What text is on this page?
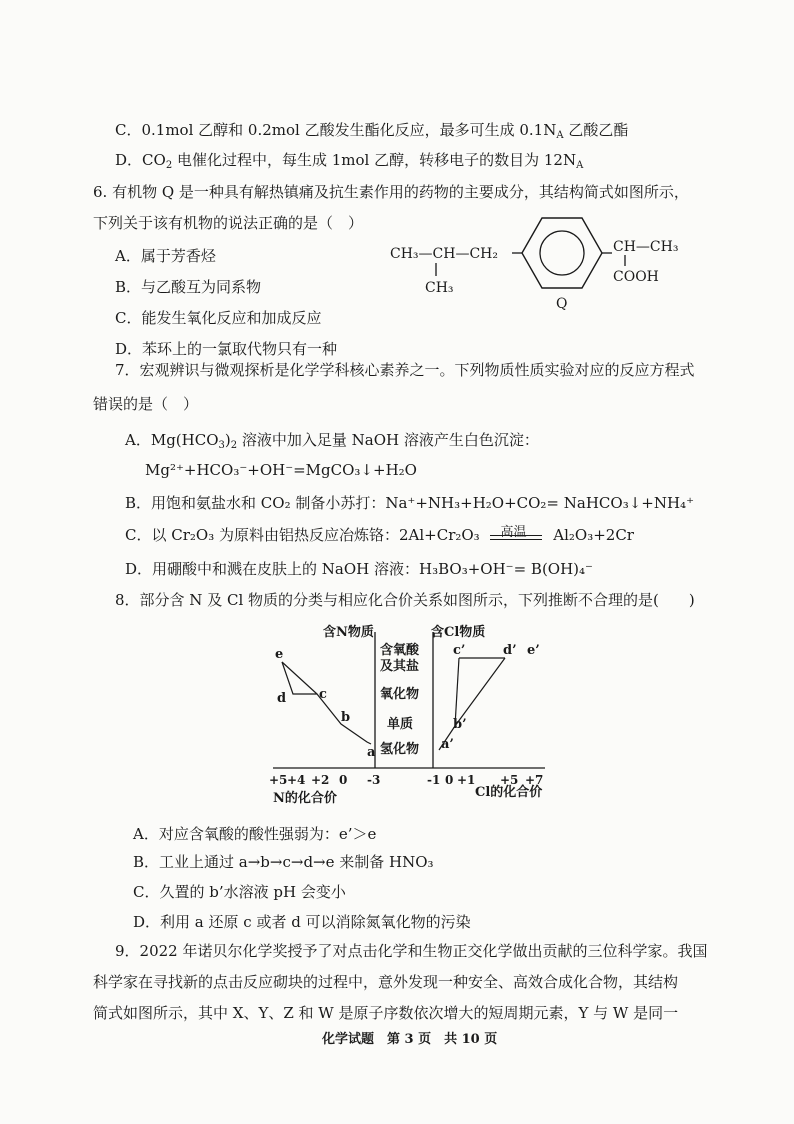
C．0.1mol 乙醇和 0.2mol 乙酸发生酯化反应，最多可生成 $0.1N_A$ 乙酸乙酯
D．$CO_2$ 电催化过程中，每生成 1mol 乙醇，转移电子的数目为 $12N_A$
6. 有机物 Q 是一种具有解热镇痛及抗生素作用的药物的主要成分，其结构简式如图所示，
下列关于该有机物的说法正确的是（　）
A．属于芳香烃
B．与乙酸互为同系物
C．能发生氧化反应和加成反应
D．苯环上的一氯取代物只有一种
CH₃—CH—CH₂
CH₃
CH—CH₃
COOH
Q
7．宏观辨识与微观探析是化学学科核心素养之一。下列物质性质实验对应的反应方程式
错误的是（　）
A．$Mg(HCO_3)_2$ 溶液中加入足量 NaOH 溶液产生白色沉淀：
Mg²⁺+HCO₃⁻+OH⁻=MgCO₃↓+H₂O
B．用饱和氨盐水和 CO₂ 制备小苏打：Na⁺+NH₃+H₂O+CO₂= NaHCO₃↓+NH₄⁺
C．以 Cr₂O₃ 为原料由铝热反应冶炼铬：2Al+Cr₂O₃ 高温 Al₂O₃+2Cr
D．用硼酸中和溅在皮肤上的 NaOH 溶液：H₃BO₃+OH⁻= B(OH)₄⁻
8．部分含 N 及 Cl 物质的分类与相应化合价关系如图所示，下列推断不合理的是(　　)
含N物质	含Cl物质
含氧酸
及其盐
氧化物
单质
氢化物
e
d	c
b
a
c’	d’ e’
b’
a’
+5 +4 +2 0 -3	-1 0 +1 +5 +7
N的化合价	Cl的化合价
A．对应含氧酸的酸性强弱为：e’＞e
B．工业上通过 a→b→c→d→e 来制备 HNO₃
C．久置的 b’水溶液 pH 会变小
D．利用 a 还原 c 或者 d 可以消除氮氧化物的污染
9．2022 年诺贝尔化学奖授予了对点击化学和生物正交化学做出贡献的三位科学家。我国
科学家在寻找新的点击反应砌块的过程中，意外发现一种安全、高效合成化合物，其结构
简式如图所示，其中 X、Y、Z 和 W 是原子序数依次增大的短周期元素，Y 与 W 是同一
化学试题　第 3 页　共 10 页
